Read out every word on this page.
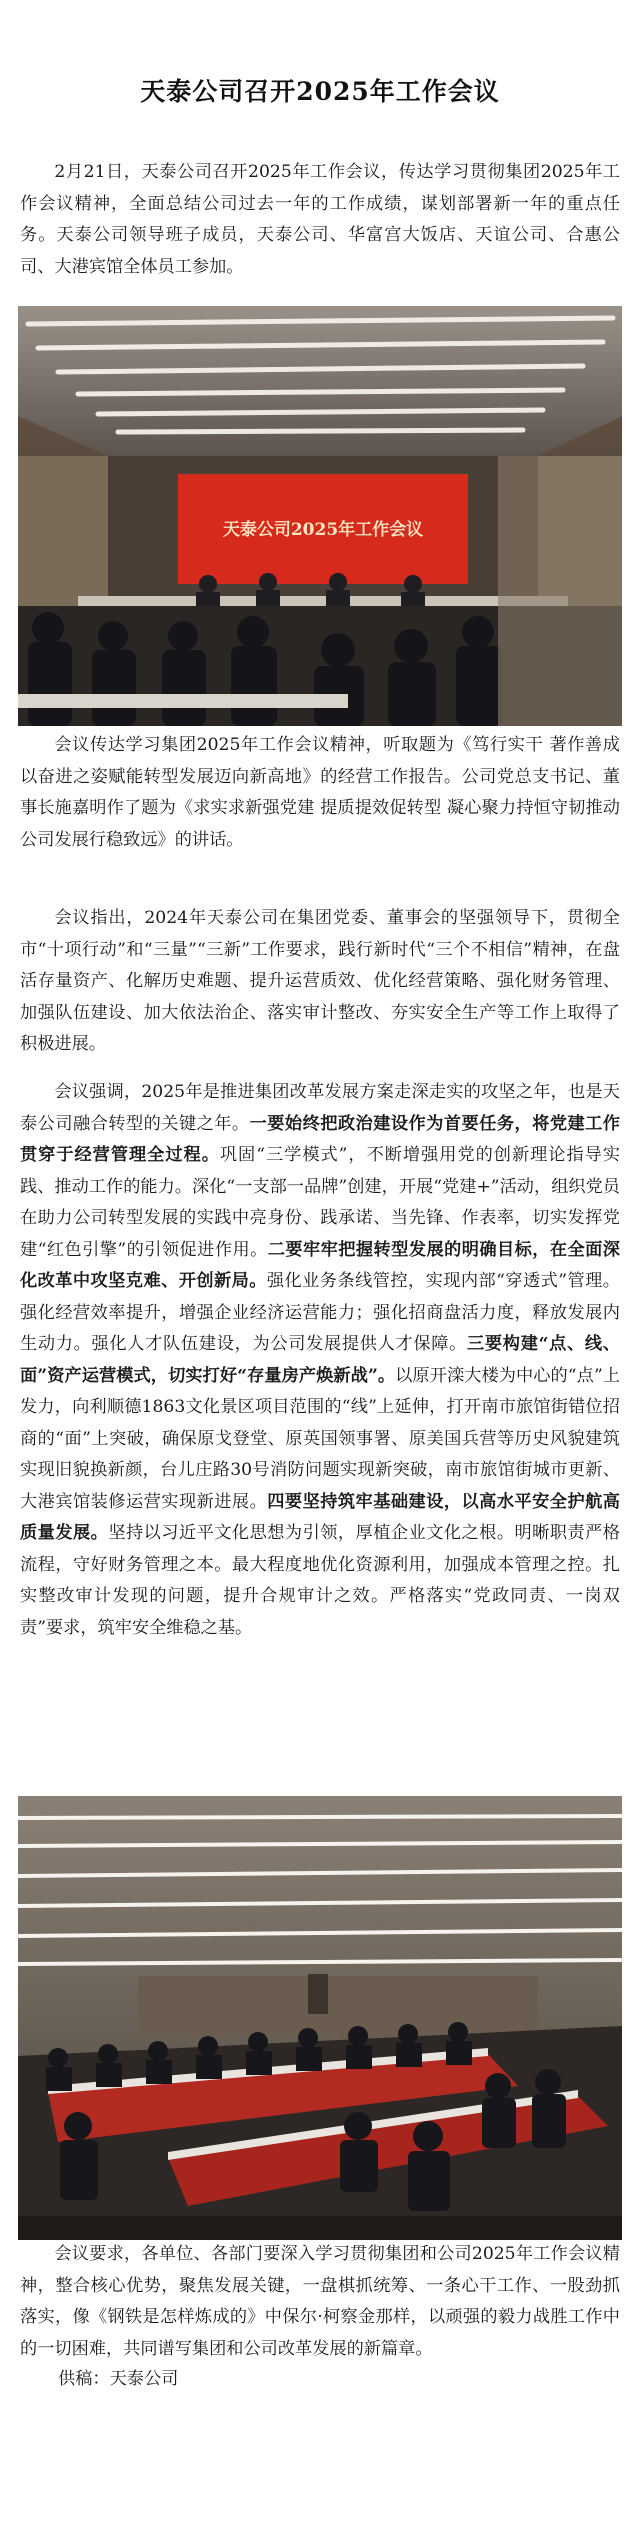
天泰公司召开2025年工作会议

2月21日，天泰公司召开2025年工作会议，传达学习贯彻集团2025年工作会议精神，全面总结公司过去一年的工作成绩，谋划部署新一年的重点任务。天泰公司领导班子成员，天泰公司、华富宫大饭店、天谊公司、合惠公司、大港宾馆全体员工参加。

天泰公司2025年工作会议

会议传达学习集团2025年工作会议精神，听取题为《笃行实干 著作善成 以奋进之姿赋能转型发展迈向新高地》的经营工作报告。公司党总支书记、董事长施嘉明作了题为《求实求新强党建 提质提效促转型 凝心聚力持恒守韧推动公司发展行稳致远》的讲话。

会议指出，2024年天泰公司在集团党委、董事会的坚强领导下，贯彻全市“十项行动”和“三量”“三新”工作要求，践行新时代“三个不相信”精神，在盘活存量资产、化解历史难题、提升运营质效、优化经营策略、强化财务管理、加强队伍建设、加大依法治企、落实审计整改、夯实安全生产等工作上取得了积极进展。

会议强调，2025年是推进集团改革发展方案走深走实的攻坚之年，也是天泰公司融合转型的关键之年。一要始终把政治建设作为首要任务，将党建工作贯穿于经营管理全过程。巩固“三学模式”，不断增强用党的创新理论指导实践、推动工作的能力。深化“一支部一品牌”创建，开展“党建+”活动，组织党员在助力公司转型发展的实践中亮身份、践承诺、当先锋、作表率，切实发挥党建“红色引擎”的引领促进作用。二要牢牢把握转型发展的明确目标，在全面深化改革中攻坚克难、开创新局。强化业务条线管控，实现内部“穿透式”管理。强化经营效率提升，增强企业经济运营能力；强化招商盘活力度，释放发展内生动力。强化人才队伍建设，为公司发展提供人才保障。三要构建“点、线、面”资产运营模式，切实打好“存量房产焕新战”。以原开滦大楼为中心的“点”上发力，向利顺德1863文化景区项目范围的“线”上延伸，打开南市旅馆街错位招商的“面”上突破，确保原戈登堂、原英国领事署、原美国兵营等历史风貌建筑实现旧貌换新颜，台儿庄路30号消防问题实现新突破，南市旅馆街城市更新、大港宾馆装修运营实现新进展。四要坚持筑牢基础建设，以高水平安全护航高质量发展。坚持以习近平文化思想为引领，厚植企业文化之根。明晰职责严格流程，守好财务管理之本。最大程度地优化资源利用，加强成本管理之控。扎实整改审计发现的问题，提升合规审计之效。严格落实“党政同责、一岗双责”要求，筑牢安全维稳之基。

会议要求，各单位、各部门要深入学习贯彻集团和公司2025年工作会议精神，整合核心优势，聚焦发展关键，一盘棋抓统筹、一条心干工作、一股劲抓落实，像《钢铁是怎样炼成的》中保尔·柯察金那样，以顽强的毅力战胜工作中的一切困难，共同谱写集团和公司改革发展的新篇章。

供稿：天泰公司
